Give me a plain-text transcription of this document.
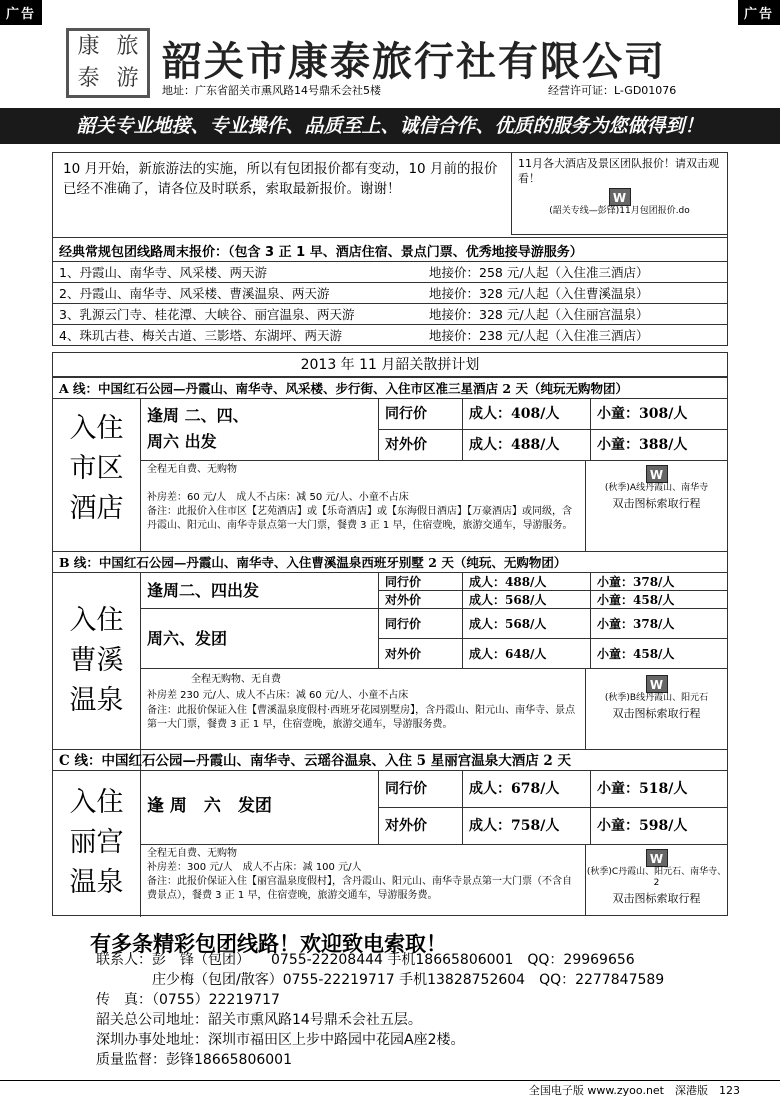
广告	广告
康 旅
泰 游 韶关市康泰旅行社有限公司
地址：广东省韶关市熏风路14号鼎禾会社5楼	经营许可证：L-GD01076
韶关专业地接、专业操作、品质至上、诚信合作、优质的服务为您做得到！
10 月开始，新旅游法的实施，所以有包团报价都有变动，10 月前的报价已经不准确了，请各位及时联系，索取最新报价。谢谢！
11月各大酒店及景区团队报价！请双击观看！
W
(韶关专线—彭锋)11月包团报价.do
经典常规包团线路周末报价：（包含 3 正 1 早、酒店住宿、景点门票、优秀地接导游服务）
1、丹霞山、南华寺、风采楼、两天游	地接价：258 元/人起（入住准三酒店）
2、丹霞山、南华寺、风采楼、曹溪温泉、两天游	地接价：328 元/人起（入住曹溪温泉）
3、乳源云门寺、桂花潭、大峡谷、丽宫温泉、两天游	地接价：328 元/人起（入住丽宫温泉）
4、珠玑古巷、梅关古道、三影塔、东湖坪、两天游	地接价：238 元/人起（入住准三酒店）
2013 年 11 月韶关散拼计划
A 线：中国红石公园—丹霞山、南华寺、风采楼、步行街、入住市区准三星酒店 2 天（纯玩无购物团）
入住
市区
酒店
逢周 二、四、
周六 出发
同行价	成人：408/人	小童：308/人
对外价	成人：488/人	小童：388/人
全程无自费、无购物
补房差：60 元/人　成人不占床：减 50 元/人、小童不占床
备注：此报价入住市区【艺苑酒店】或【乐奇酒店】或【东海假日酒店】【万豪酒店】或同级，含丹霞山、阳元山、南华寺景点第一大门票，餐费 3 正 1 早，住宿壹晚，旅游交通车，导游服务。
W
(秋季)A线丹霞山、南华寺
双击图标索取行程
B 线：中国红石公园—丹霞山、南华寺、入住曹溪温泉西班牙别墅 2 天（纯玩、无购物团）
入住
曹溪
温泉
逢周二、四出发
周六、发团
同行价	成人：488/人	小童：378/人
对外价	成人：568/人	小童：458/人
同行价	成人：568/人	小童：378/人
对外价	成人：648/人	小童：458/人
全程无购物、无自费
补房差 230 元/人、成人不占床：减 60 元/人、小童不占床
备注：此报价保证入住【曹溪温泉度假村·西班牙花园别墅房】，含丹霞山、阳元山、南华寺、景点第一大门票，餐费 3 正 1 早，住宿壹晚，旅游交通车，导游服务费。
W
(秋季)B线丹霞山、阳元石
双击图标索取行程
C 线：中国红石公园—丹霞山、南华寺、云瑶谷温泉、入住 5 星丽宫温泉大酒店 2 天
入住
丽宫
温泉
逢 周　六　发团
同行价	成人：678/人	小童：518/人
对外价	成人：758/人	小童：598/人
全程无自费、无购物
补房差：300 元/人　成人不占床：减 100 元/人
备注：此报价保证入住【丽宫温泉度假村】，含丹霞山、阳元山、南华寺景点第一大门票（不含自费景点），餐费 3 正 1 早，住宿壹晚，旅游交通车，导游服务费。
W
(秋季)C丹霞山、阳元石、南华寺、2
双击图标索取行程
有多条精彩包团线路！欢迎致电索取！
联系人：彭　锋（包团）　　0755-22208444 手机18665806001　QQ：29969656
　　　　庄少梅（包团/散客）0755-22219717 手机13828752604　QQ：2277847589
传　真：（0755）22219717
韶关总公司地址：韶关市熏风路14号鼎禾会社五层。
深圳办事处地址：深圳市福田区上步中路园中花园A座2楼。
质量监督：彭锋18665806001
全国电子版 www.zyoo.net　深港版　123
